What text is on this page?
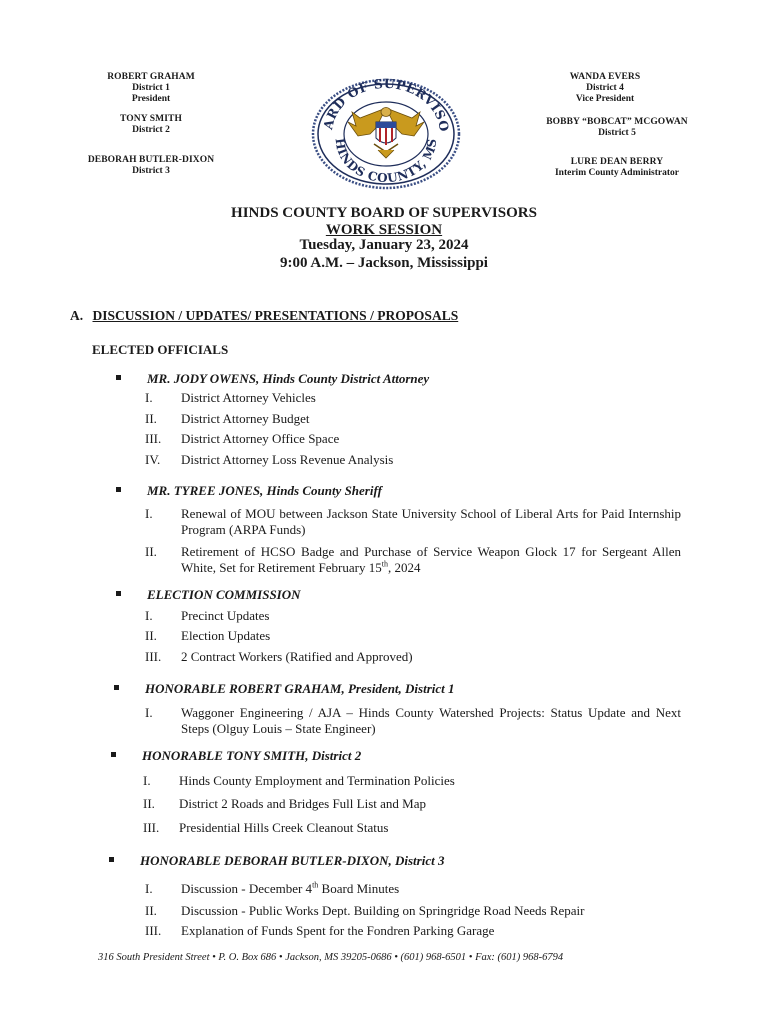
ROBERT GRAHAM
District 1
President
TONY SMITH
District 2
DEBORAH BUTLER-DIXON
District 3
ARD OF SUPERVISO
HINDS COUNTY, MS
WANDA EVERS
District 4
Vice President
BOBBY “BOBCAT” MCGOWAN
District 5
LURE DEAN BERRY
Interim County Administrator
HINDS COUNTY BOARD OF SUPERVISORS
WORK SESSION
Tuesday, January 23, 2024
9:00 A.M. – Jackson, Mississippi
A. DISCUSSION / UPDATES/ PRESENTATIONS / PROPOSALS
ELECTED OFFICIALS
MR. JODY OWENS, Hinds County District Attorney
I. District Attorney Vehicles
II. District Attorney Budget
III. District Attorney Office Space
IV. District Attorney Loss Revenue Analysis
MR. TYREE JONES, Hinds County Sheriff
I. Renewal of MOU between Jackson State University School of Liberal Arts for Paid Internship Program (ARPA Funds)
II. Retirement of HCSO Badge and Purchase of Service Weapon Glock 17 for Sergeant Allen White, Set for Retirement February 15th, 2024
ELECTION COMMISSION
I. Precinct Updates
II. Election Updates
III. 2 Contract Workers (Ratified and Approved)
HONORABLE ROBERT GRAHAM, President, District 1
I. Waggoner Engineering / AJA – Hinds County Watershed Projects: Status Update and Next Steps (Olguy Louis – State Engineer)
HONORABLE TONY SMITH, District 2
I. Hinds County Employment and Termination Policies
II. District 2 Roads and Bridges Full List and Map
III. Presidential Hills Creek Cleanout Status
HONORABLE DEBORAH BUTLER-DIXON, District 3
I. Discussion - December 4th Board Minutes
II. Discussion - Public Works Dept. Building on Springridge Road Needs Repair
III. Explanation of Funds Spent for the Fondren Parking Garage
316 South President Street • P. O. Box 686 • Jackson, MS 39205-0686 • (601) 968-6501 • Fax: (601) 968-6794
